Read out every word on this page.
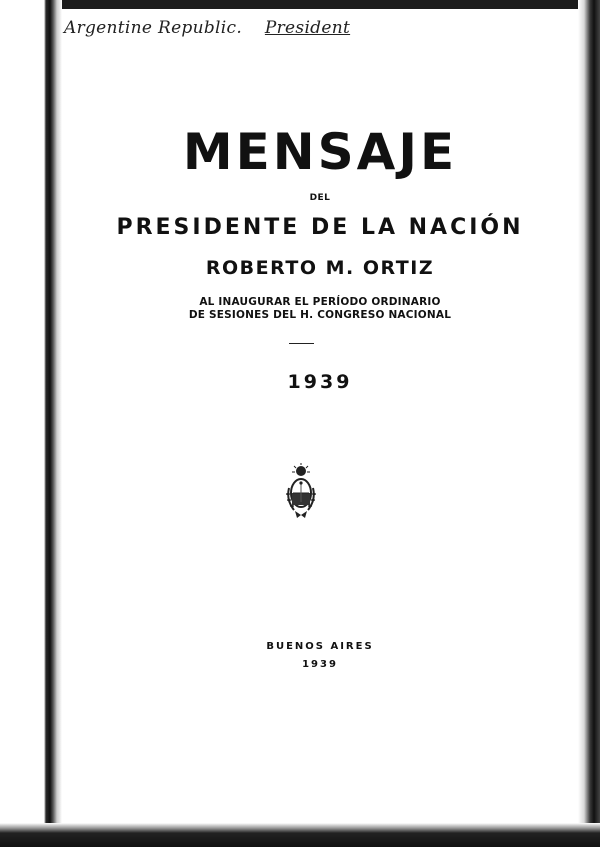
Argentine Republic. President
MENSAJE
DEL
PRESIDENTE DE LA NACIÓN
ROBERTO M. ORTIZ
AL INAUGURAR EL PERÍODO ORDINARIO
DE SESIONES DEL H. CONGRESO NACIONAL
1939
BUENOS AIRES
1939
